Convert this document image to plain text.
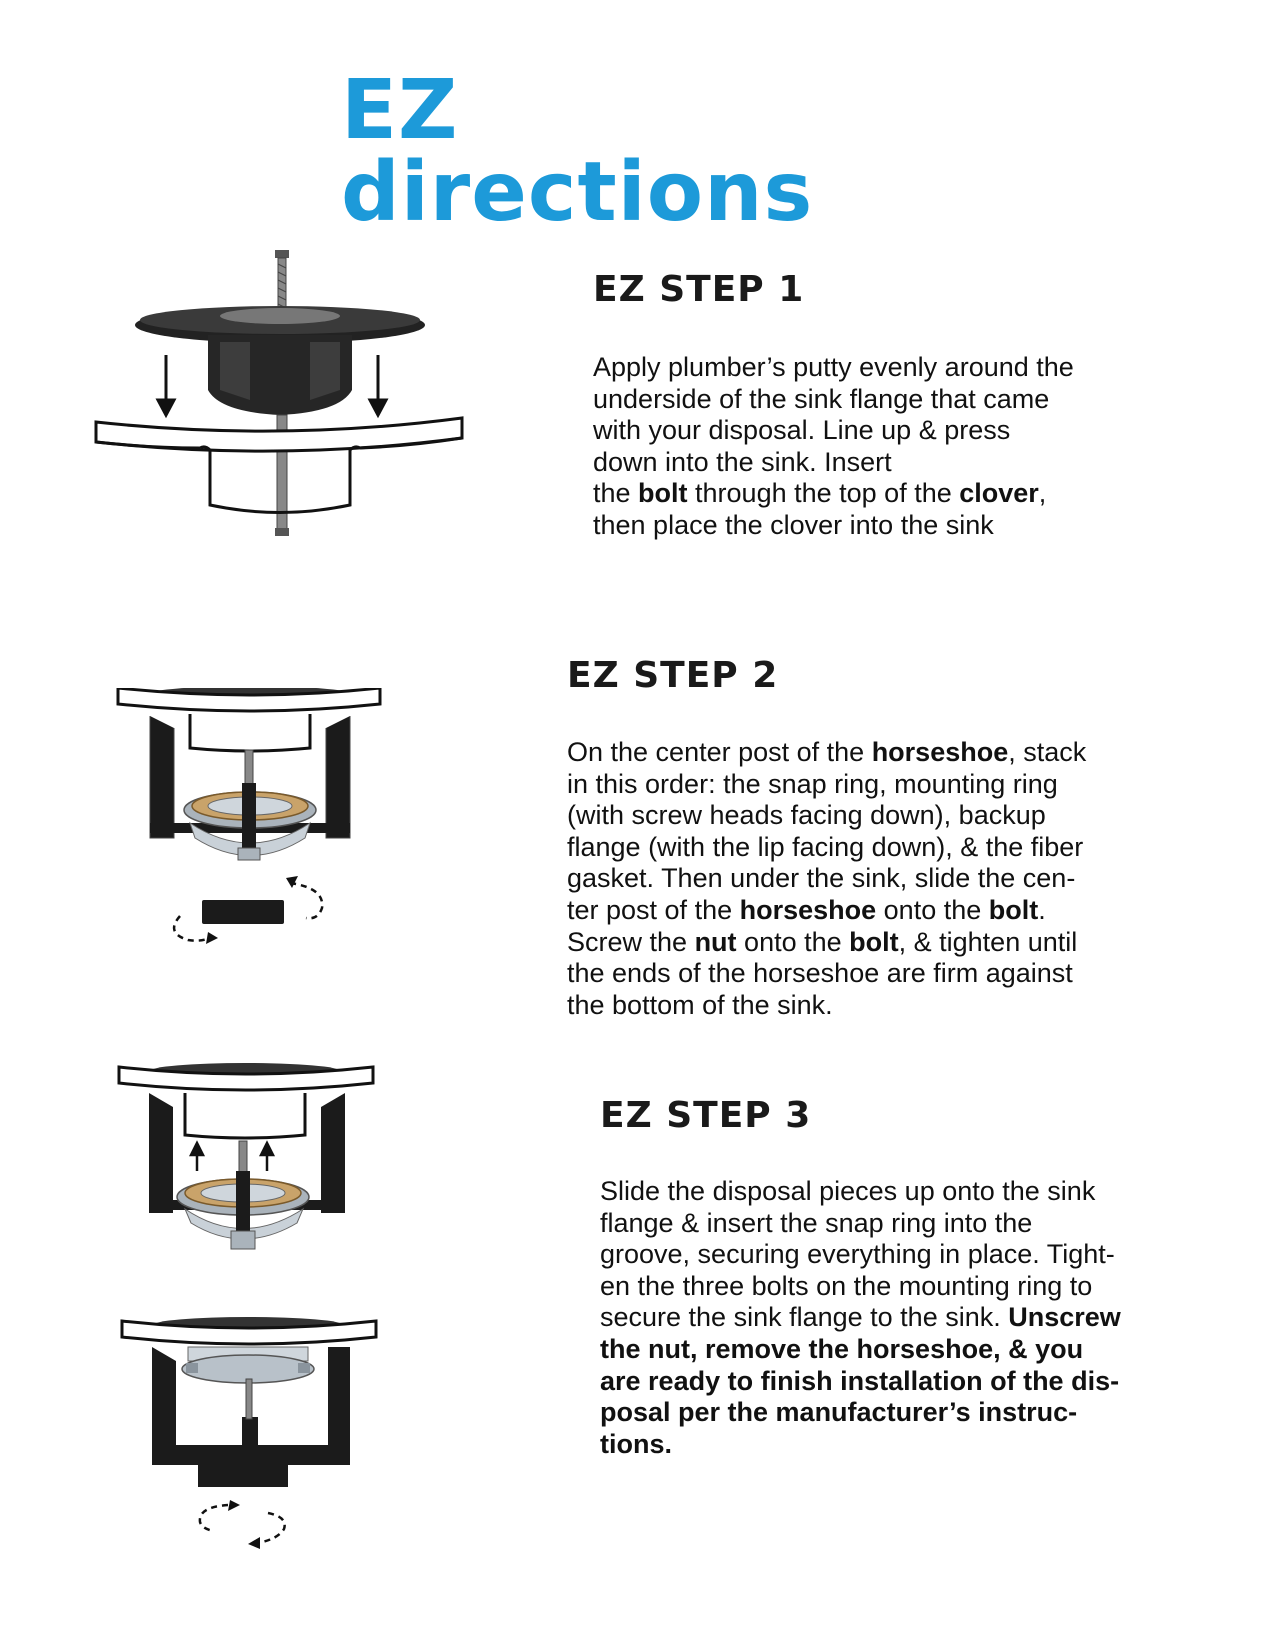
EZ directions
EZ STEP 1
Apply plumber’s putty evenly around the
underside of the sink flange that came
with your disposal. Line up & press
down into the sink. Insert
the bolt through the top of the clover,
then place the clover into the sink
EZ STEP 2
On the center post of the horseshoe, stack
in this order: the snap ring, mounting ring
(with screw heads facing down), backup
flange (with the lip facing down), & the fiber
gasket. Then under the sink, slide the cen-
ter post of the horseshoe onto the bolt.
Screw the nut onto the bolt, & tighten until
the ends of the horseshoe are firm against
the bottom of the sink.
EZ STEP 3
Slide the disposal pieces up onto the sink
flange & insert the snap ring into the
groove, securing everything in place. Tight-
en the three bolts on the mounting ring to
secure the sink flange to the sink. Unscrew
the nut, remove the horseshoe, & you
are ready to finish installation of the dis-
posal per the manufacturer’s instruc-
tions.
